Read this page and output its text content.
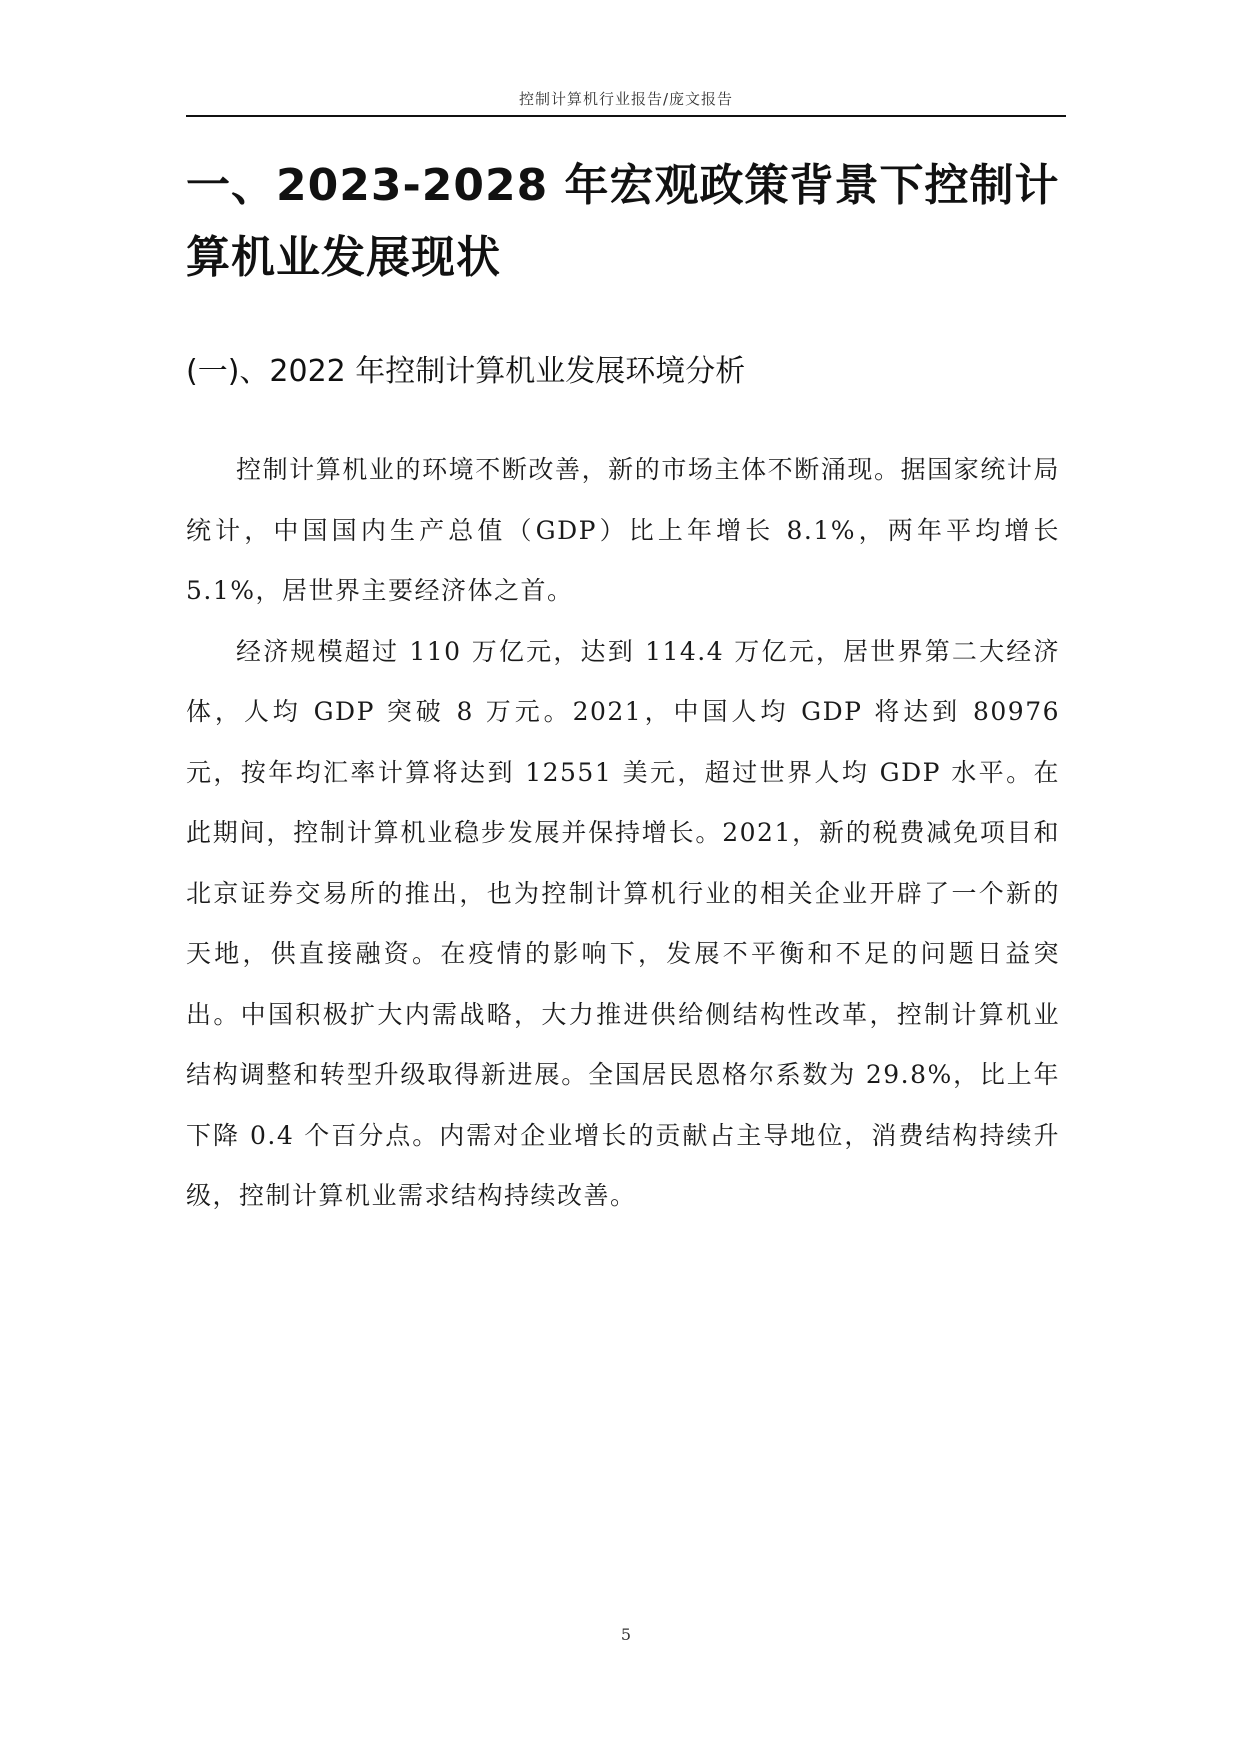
控制计算机行业报告/庞文报告
一、2023-2028 年宏观政策背景下控制计算机业发展现状
(一)、2022 年控制计算机业发展环境分析

控制计算机业的环境不断改善，新的市场主体不断涌现。据国家统计局统计，中国国内生产总值（GDP）比上年增长 8.1%，两年平均增长 5.1%，居世界主要经济体之首。

经济规模超过 110 万亿元，达到 114.4 万亿元，居世界第二大经济体，人均 GDP 突破 8 万元。2021，中国人均 GDP 将达到 80976 元，按年均汇率计算将达到 12551 美元，超过世界人均 GDP 水平。在此期间，控制计算机业稳步发展并保持增长。2021，新的税费减免项目和北京证券交易所的推出，也为控制计算机行业的相关企业开辟了一个新的天地，供直接融资。在疫情的影响下，发展不平衡和不足的问题日益突出。中国积极扩大内需战略，大力推进供给侧结构性改革，控制计算机业结构调整和转型升级取得新进展。全国居民恩格尔系数为 29.8%，比上年下降 0.4 个百分点。内需对企业增长的贡献占主导地位，消费结构持续升级，控制计算机业需求结构持续改善。

5
